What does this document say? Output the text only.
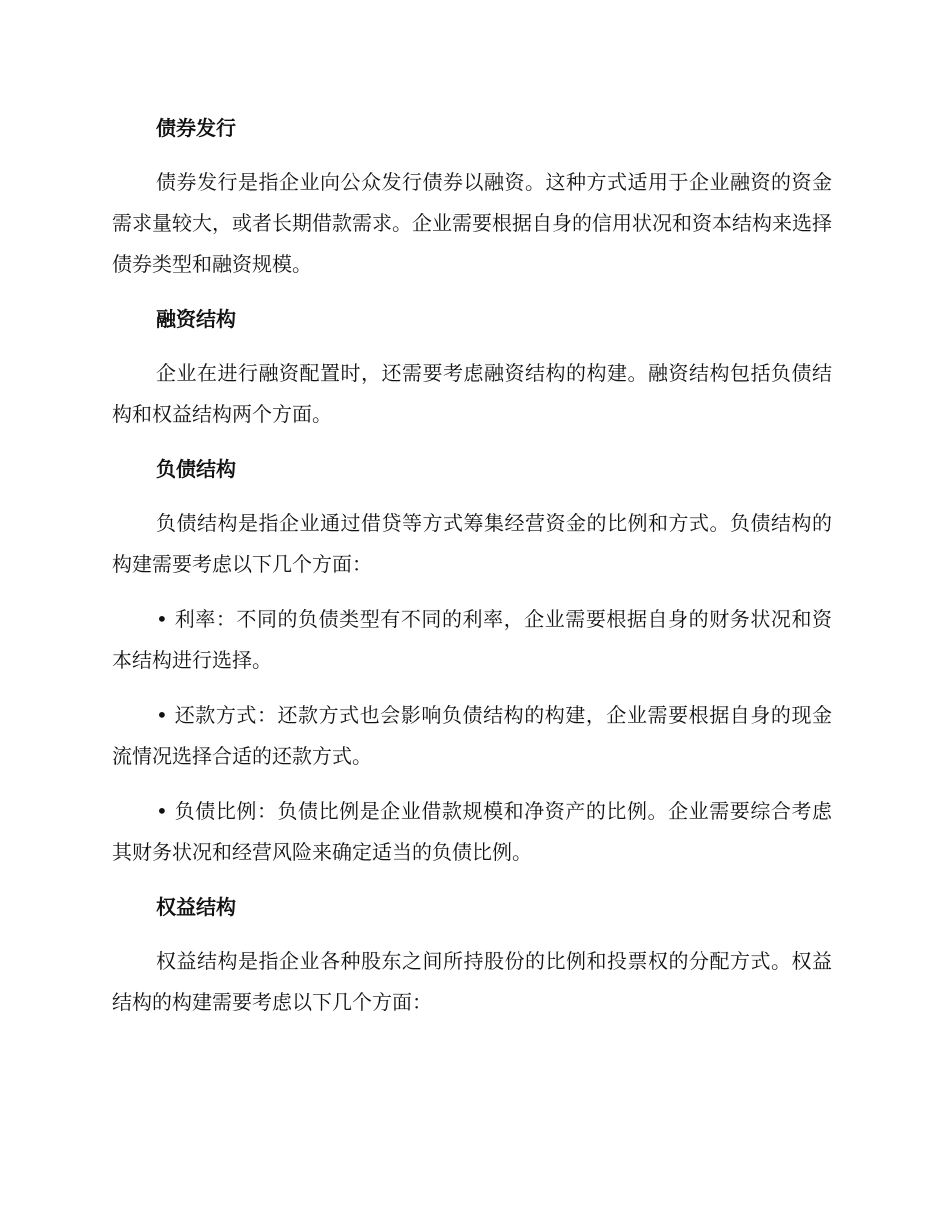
债券发行

债券发行是指企业向公众发行债券以融资。这种方式适用于企业融资的资金需求量较大，或者长期借款需求。企业需要根据自身的信用状况和资本结构来选择债券类型和融资规模。

融资结构

企业在进行融资配置时，还需要考虑融资结构的构建。融资结构包括负债结构和权益结构两个方面。

负债结构

负债结构是指企业通过借贷等方式筹集经营资金的比例和方式。负债结构的构建需要考虑以下几个方面：

• 利率：不同的负债类型有不同的利率，企业需要根据自身的财务状况和资本结构进行选择。

• 还款方式：还款方式也会影响负债结构的构建，企业需要根据自身的现金流情况选择合适的还款方式。

• 负债比例：负债比例是企业借款规模和净资产的比例。企业需要综合考虑其财务状况和经营风险来确定适当的负债比例。

权益结构

权益结构是指企业各种股东之间所持股份的比例和投票权的分配方式。权益结构的构建需要考虑以下几个方面：
